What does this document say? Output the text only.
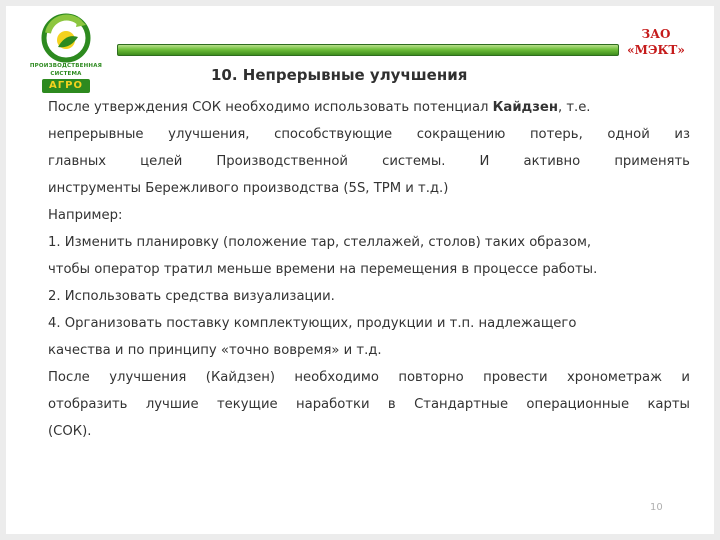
ПРОИЗВОДСТВЕННАЯ
СИСТЕМА
АГРО
ЗАО
«МЭКТ»
10. Непрерывные улучшения
После утверждения СОК необходимо использовать потенциал Кайдзен, т.е.
непрерывные улучшения, способствующие сокращению потерь, одной из
главных	целей	Производственной	системы.	И	активно	применять
инструменты Бережливого производства (5S, ТРМ и т.д.)
Например:
1. Изменить планировку (положение тар, стеллажей, столов) таких образом,
чтобы оператор тратил меньше времени на перемещения в процессе работы.
2. Использовать средства визуализации.
4. Организовать поставку комплектующих, продукции и т.п. надлежащего
качества и по принципу «точно вовремя» и т.д.
После улучшения (Кайдзен) необходимо повторно провести хронометраж и
отобразить лучшие текущие наработки в Стандартные операционные карты
(СОК).
10
